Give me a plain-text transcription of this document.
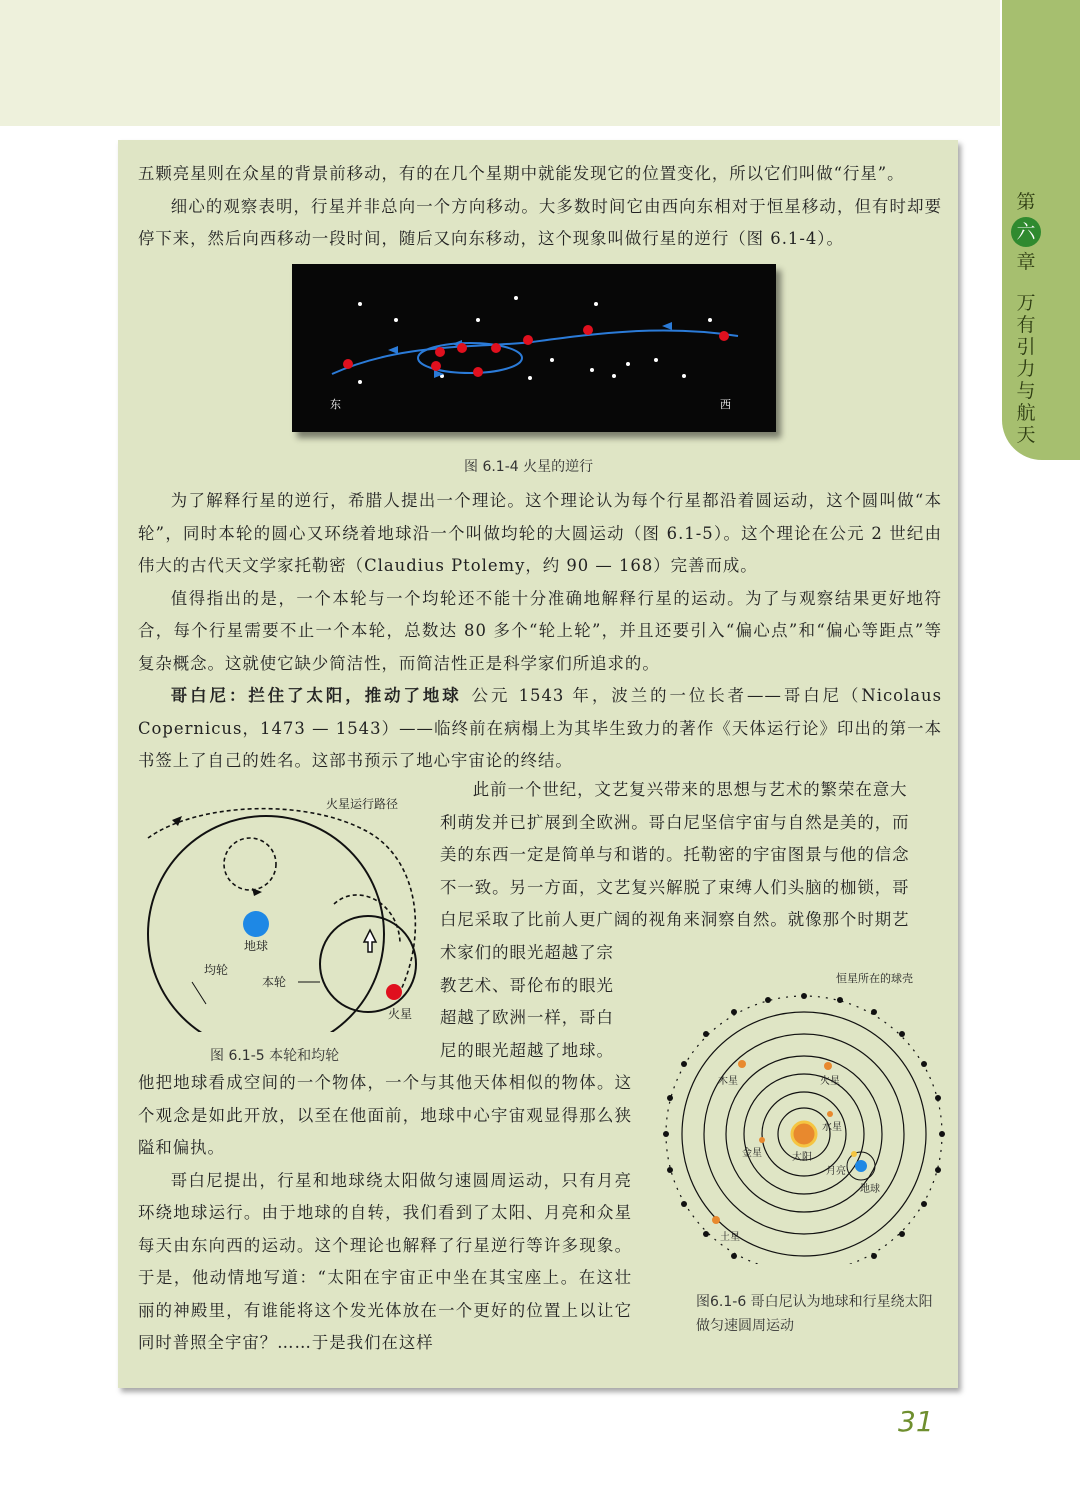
第
六
章
万有引力与航天

五颗亮星则在众星的背景前移动，有的在几个星期中就能发现它的位置变化，所以它们叫做“行星”。

细心的观察表明，行星并非总向一个方向移动。大多数时间它由西向东相对于恒星移动，但有时却要停下来，然后向西移动一段时间，随后又向东移动，这个现象叫做行星的逆行（图 6.1-4）。

东	西
图 6.1-4 火星的逆行

为了解释行星的逆行，希腊人提出一个理论。这个理论认为每个行星都沿着圆运动，这个圆叫做“本轮”，同时本轮的圆心又环绕着地球沿一个叫做均轮的大圆运动（图 6.1-5）。这个理论在公元 2 世纪由伟大的古代天文学家托勒密（Claudius Ptolemy，约 90 — 168）完善而成。

值得指出的是，一个本轮与一个均轮还不能十分准确地解释行星的运动。为了与观察结果更好地符合，每个行星需要不止一个本轮，总数达 80 多个“轮上轮”，并且还要引入“偏心点”和“偏心等距点”等复杂概念。这就使它缺少简洁性，而简洁性正是科学家们所追求的。

哥白尼：拦住了太阳，推动了地球 公元 1543 年，波兰的一位长者——哥白尼（Nicolaus Copernicus，1473 — 1543）——临终前在病榻上为其毕生致力的著作《天体运行论》印出的第一本书签上了自己的姓名。这部书预示了地心宇宙论的终结。

此前一个世纪，文艺复兴带来的思想与艺术的繁荣在意大
利萌发并已扩展到全欧洲。哥白尼坚信宇宙与自然是美的，而
美的东西一定是简单与和谐的。托勒密的宇宙图景与他的信念
不一致。另一方面，文艺复兴解脱了束缚人们头脑的枷锁，哥
白尼采取了比前人更广阔的视角来洞察自然。就像那个时期艺
术家们的眼光超越了宗
教艺术、哥伦布的眼光
超越了欧洲一样，哥白
尼的眼光超越了地球。
火星运行路径
地球
均轮
本轮
火星
图 6.1-5 本轮和均轮

他把地球看成空间的一个物体，一个与其他天体相似的物体。这个观念是如此开放，以至在他面前，地球中心宇宙观显得那么狭隘和偏执。

哥白尼提出，行星和地球绕太阳做匀速圆周运动，只有月亮环绕地球运行。由于地球的自转，我们看到了太阳、月亮和众星每天由东向西的运动。这个理论也解释了行星逆行等许多现象。于是，他动情地写道：“太阳在宇宙正中坐在其宝座上。在这壮丽的神殿里，有谁能将这个发光体放在一个更好的位置上以让它同时普照全宇宙？……于是我们在这样

恒星所在的球壳
木星	火星
水星
金星	太阳
月亮
地球
土星
图6.1-6 哥白尼认为地球和行星绕太阳做匀速圆周运动
31
